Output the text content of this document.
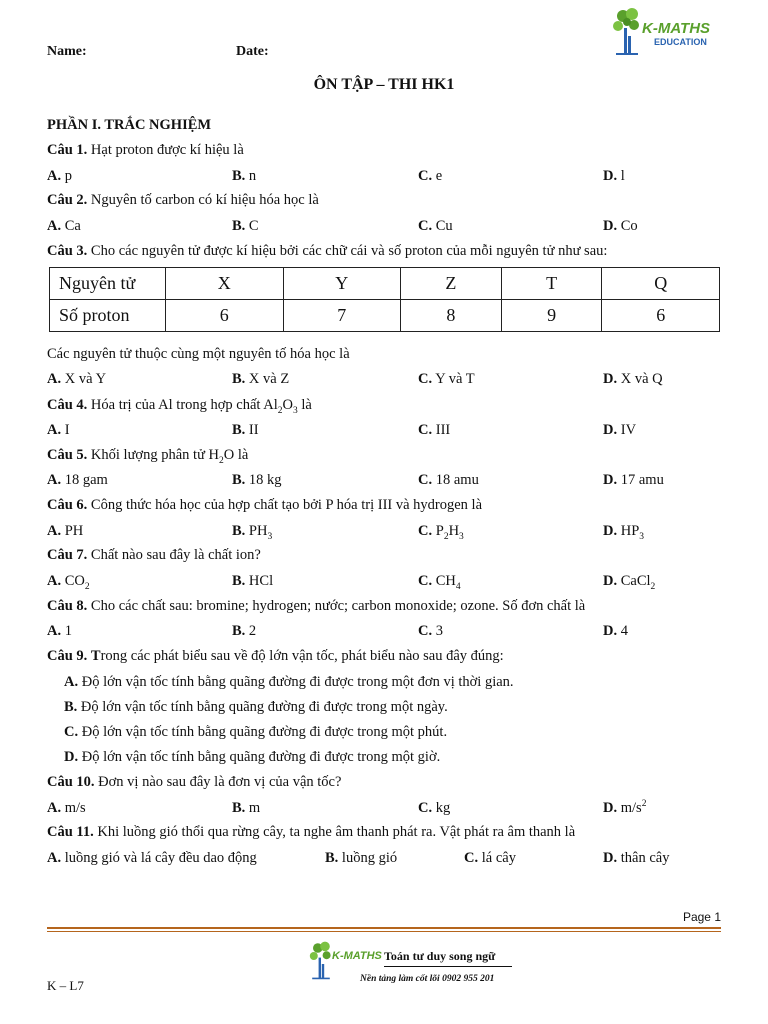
Name:	Date:
K-MATHS
EDUCATION
ÔN TẬP – THI HK1
PHẦN I. TRẮC NGHIỆM
Câu 1. Hạt proton được kí hiệu là
A. p	B. n	C. e	D. l
Câu 2. Nguyên tố carbon có kí hiệu hóa học là
A. Ca	B. C	C. Cu	D. Co
Câu 3. Cho các nguyên tử được kí hiệu bởi các chữ cái và số proton của mỗi nguyên tử như sau:
Nguyên tử	X	Y	Z	T	Q
Số proton	6	7	8	9	6
Các nguyên tử thuộc cùng một nguyên tố hóa học là
A. X và Y	B. X và Z	C. Y và T	D. X và Q
Câu 4. Hóa trị của Al trong hợp chất $Al_2O_3$ là
A. I	B. II	C. III	D. IV
Câu 5. Khối lượng phân tử $H_2O$ là
A. 18 gam	B. 18 kg	C. 18 amu	D. 17 amu
Câu 6. Công thức hóa học của hợp chất tạo bởi P hóa trị III và hydrogen là
A. PH	B. $PH_3$	C. $P_2H_3$	D. $HP_3$
Câu 7. Chất nào sau đây là chất ion?
A. $CO_2$	B. HCl	C. $CH_4$	D. CaCl$_2$
Câu 8. Cho các chất sau: bromine; hydrogen; nước; carbon monoxide; ozone. Số đơn chất là
A. 1	B. 2	C. 3	D. 4
Câu 9. Trong các phát biểu sau về độ lớn vận tốc, phát biểu nào sau đây đúng:
A. Độ lớn vận tốc tính bằng quãng đường đi được trong một đơn vị thời gian.
B. Độ lớn vận tốc tính bằng quãng đường đi được trong một ngày.
C. Độ lớn vận tốc tính bằng quãng đường đi được trong một phút.
D. Độ lớn vận tốc tính bằng quãng đường đi được trong một giờ.
Câu 10. Đơn vị nào sau đây là đơn vị của vận tốc?
A. m/s	B. m	C. kg	D. $m/s^2$
Câu 11. Khi luồng gió thổi qua rừng cây, ta nghe âm thanh phát ra. Vật phát ra âm thanh là
A. luồng gió và lá cây đều dao động	B. luồng gió	C. lá cây	D. thân cây
Page 1
K-MATHS Toán tư duy song ngữ
Nền tảng làm cốt lõi 0902 955 201
K – L7
